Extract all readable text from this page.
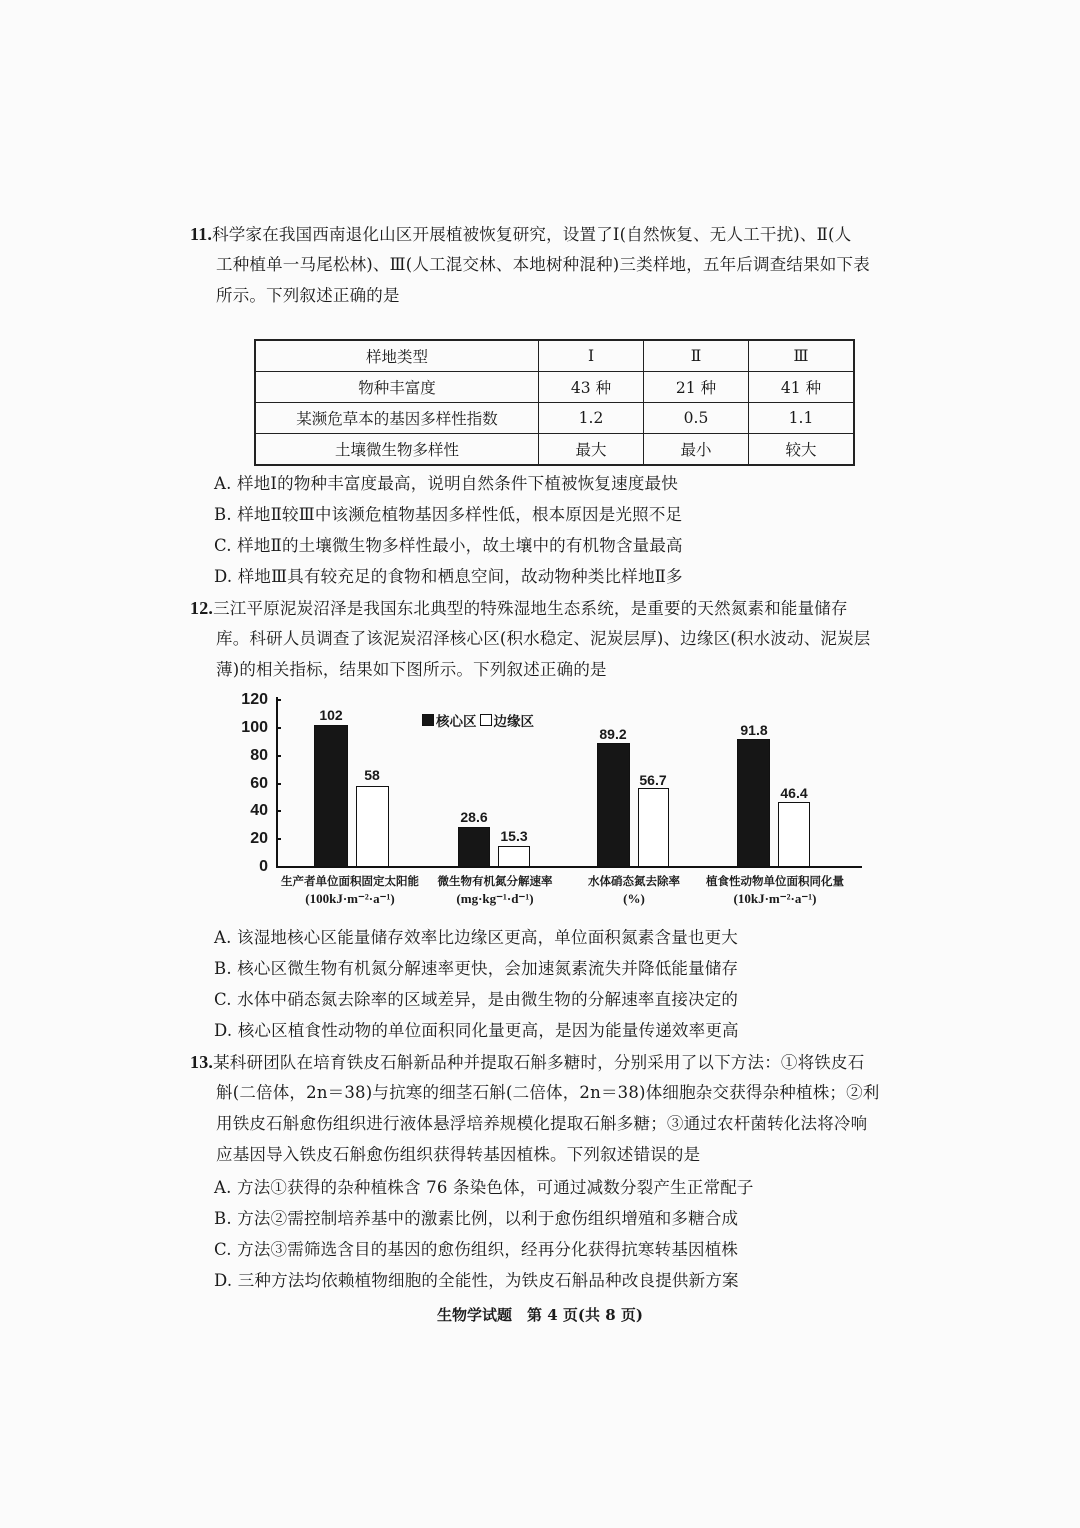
11.科学家在我国西南退化山区开展植被恢复研究，设置了Ⅰ(自然恢复、无人工干扰)、Ⅱ(人
工种植单一马尾松林)、Ⅲ(人工混交林、本地树种混种)三类样地，五年后调查结果如下表
所示。下列叙述正确的是
样地类型	Ⅰ	Ⅱ	Ⅲ
物种丰富度	43 种	21 种	41 种
某濒危草本的基因多样性指数	1.2	0.5	1.1
土壤微生物多样性	最大	最小	较大
A. 样地Ⅰ的物种丰富度最高，说明自然条件下植被恢复速度最快
B. 样地Ⅱ较Ⅲ中该濒危植物基因多样性低，根本原因是光照不足
C. 样地Ⅱ的土壤微生物多样性最小，故土壤中的有机物含量最高
D. 样地Ⅲ具有较充足的食物和栖息空间，故动物种类比样地Ⅱ多
12.三江平原泥炭沼泽是我国东北典型的特殊湿地生态系统，是重要的天然氮素和能量储存
库。科研人员调查了该泥炭沼泽核心区(积水稳定、泥炭层厚)、边缘区(积水波动、泥炭层
薄)的相关指标，结果如下图所示。下列叙述正确的是
0
20
40
60
80
100
120
102
58
28.6
15.3
89.2
56.7
91.8
46.4
核心区 边缘区
生产者单位面积固定太阳能
(100kJ·m⁻²·a⁻¹)
微生物有机氮分解速率
(mg·kg⁻¹·d⁻¹)
水体硝态氮去除率
(%)
植食性动物单位面积同化量
(10kJ·m⁻²·a⁻¹)
A. 该湿地核心区能量储存效率比边缘区更高，单位面积氮素含量也更大
B. 核心区微生物有机氮分解速率更快，会加速氮素流失并降低能量储存
C. 水体中硝态氮去除率的区域差异，是由微生物的分解速率直接决定的
D. 核心区植食性动物的单位面积同化量更高，是因为能量传递效率更高
13.某科研团队在培育铁皮石斛新品种并提取石斛多糖时，分别采用了以下方法：①将铁皮石
斛(二倍体，2n＝38)与抗寒的细茎石斛(二倍体，2n＝38)体细胞杂交获得杂种植株；②利
用铁皮石斛愈伤组织进行液体悬浮培养规模化提取石斛多糖；③通过农杆菌转化法将冷响
应基因导入铁皮石斛愈伤组织获得转基因植株。下列叙述错误的是
A. 方法①获得的杂种植株含 76 条染色体，可通过减数分裂产生正常配子
B. 方法②需控制培养基中的激素比例，以利于愈伤组织增殖和多糖合成
C. 方法③需筛选含目的基因的愈伤组织，经再分化获得抗寒转基因植株
D. 三种方法均依赖植物细胞的全能性，为铁皮石斛品种改良提供新方案
生物学试题　第 4 页(共 8 页)
